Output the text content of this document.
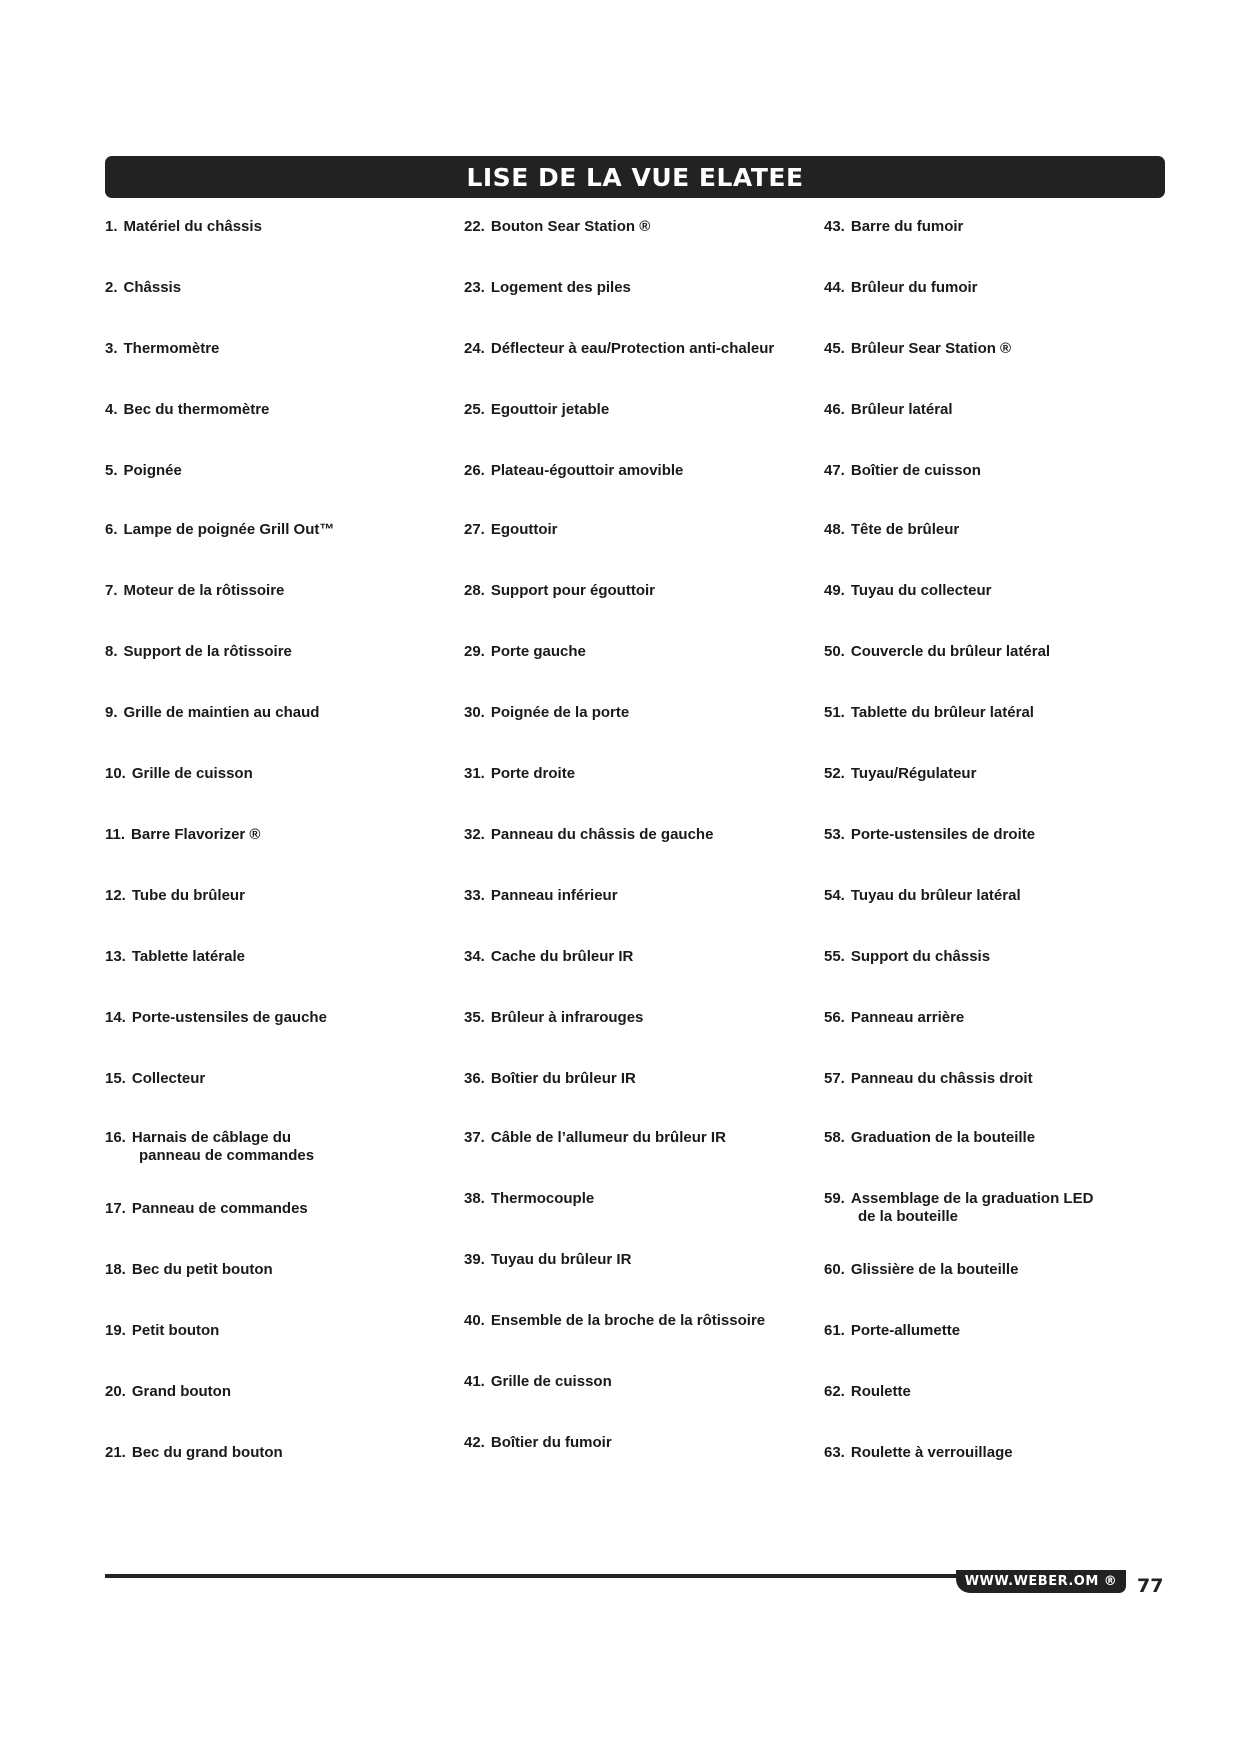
LISE DE LA VUE ELATEE
1. Matériel du châssis
2. Châssis
3. Thermomètre
4. Bec du thermomètre
5. Poignée
6. Lampe de poignée Grill Out™
7. Moteur de la rôtissoire
8. Support de la rôtissoire
9. Grille de maintien au chaud
10. Grille de cuisson
11. Barre Flavorizer ®
12. Tube du brûleur
13. Tablette latérale
14. Porte-ustensiles de gauche
15. Collecteur
16. Harnais de câblage du
panneau de commandes
17. Panneau de commandes
18. Bec du petit bouton
19. Petit bouton
20. Grand bouton
21. Bec du grand bouton
22. Bouton Sear Station ®
23. Logement des piles
24. Déflecteur à eau/Protection anti-chaleur
25. Egouttoir jetable
26. Plateau-égouttoir amovible
27. Egouttoir
28. Support pour égouttoir
29. Porte gauche
30. Poignée de la porte
31. Porte droite
32. Panneau du châssis de gauche
33. Panneau inférieur
34. Cache du brûleur IR
35. Brûleur à infrarouges
36. Boîtier du brûleur IR
37. Câble de l’allumeur du brûleur IR
38. Thermocouple
39. Tuyau du brûleur IR
40. Ensemble de la broche de la rôtissoire
41. Grille de cuisson
42. Boîtier du fumoir
43. Barre du fumoir
44. Brûleur du fumoir
45. Brûleur Sear Station ®
46. Brûleur latéral
47. Boîtier de cuisson
48. Tête de brûleur
49. Tuyau du collecteur
50. Couvercle du brûleur latéral
51. Tablette du brûleur latéral
52. Tuyau/Régulateur
53. Porte-ustensiles de droite
54. Tuyau du brûleur latéral
55. Support du châssis
56. Panneau arrière
57. Panneau du châssis droit
58. Graduation de la bouteille
59. Assemblage de la graduation LED
de la bouteille
60. Glissière de la bouteille
61. Porte-allumette
62. Roulette
63. Roulette à verrouillage
WWW.WEBER.OM ® 77
